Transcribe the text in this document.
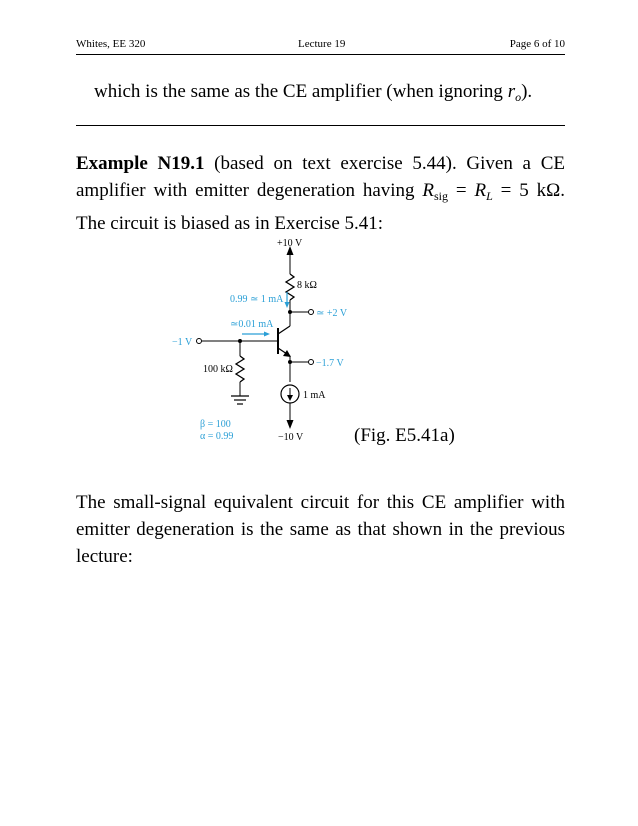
Whites, EE 320	Lecture 19	Page 6 of 10
which is the same as the CE amplifier (when ignoring $r_o$).
Example N19.1 (based on text exercise 5.44). Given a CE
amplifier with emitter degeneration having $R_{sig} = R_L = 5$ kΩ.
The circuit is biased as in Exercise 5.41:
+10 V
8 kΩ
≃ +2 V
0.99 ≃ 1 mA
−1 V
≃0.01 mA
100 kΩ
−1.7 V
1 mA
−10 V
β = 100
α = 0.99	(Fig. E5.41a)
The small-signal equivalent circuit for this CE amplifier with
emitter degeneration is the same as that shown in the previous
lecture:
